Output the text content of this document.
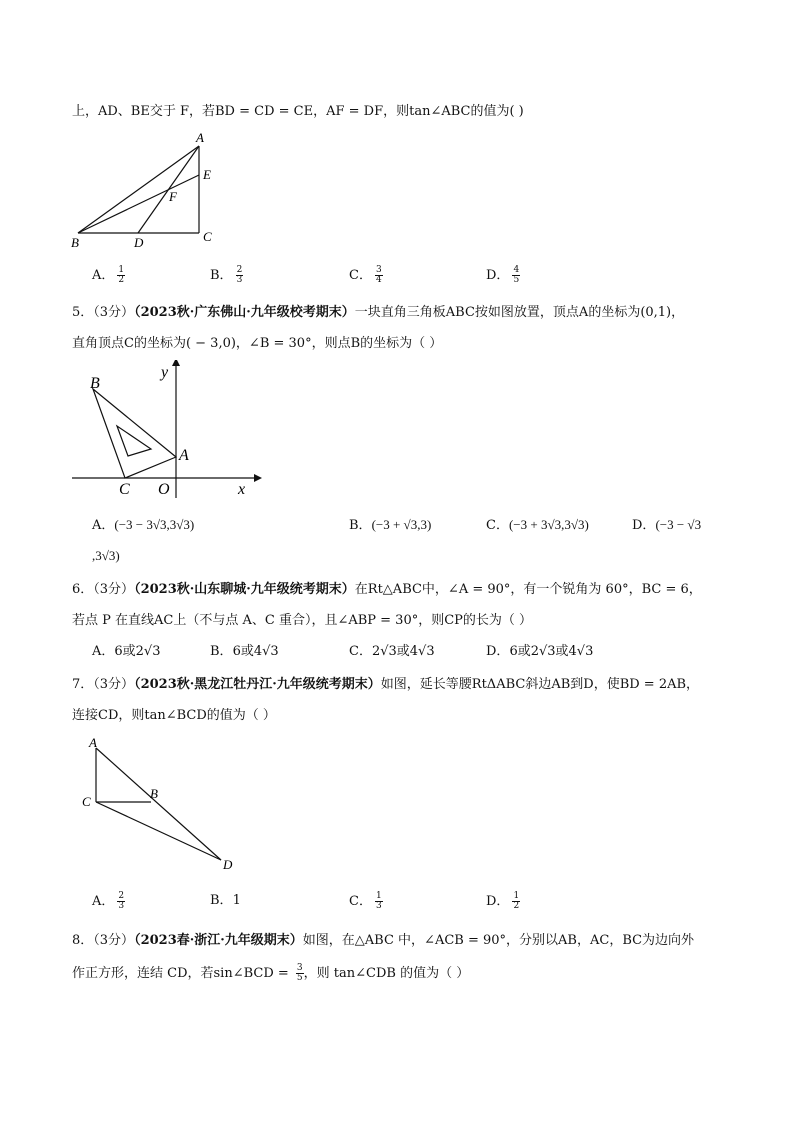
上，AD、BE交于 F，若BD = CD = CE，AF = DF，则tan∠ABC的值为( )
A
B	C
D
E
F
A． $\frac{1}{2}$	B． $\frac{2}{3}$	C． $\frac{3}{4}$	D． $\frac{4}{5}$
5．（3分）（2023秋·广东佛山·九年级校考期末）一块直角三角板ABC按如图放置，顶点A的坐标为(0,1)，
直角顶点C的坐标为( − 3,0)，∠B = 30°，则点B的坐标为（ ）
B
A
C O	x
y
A．(−3 − 3√3,3√3)	B．(−3 + √3,3)	C．(−3 + 3√3,3√3)	D．(−3 − √3
,3√3)
6．（3分）（2023秋·山东聊城·九年级统考期末）在Rt△ABC中，∠A = 90°，有一个锐角为 60°，BC = 6，
若点 P 在直线AC上（不与点 A、C 重合），且∠ABP = 30°，则CP的长为（ ）
A．6或2√3	B．6或4√3	C．2√3或4√3	D．6或2√3或4√3
7．（3分）（2023秋·黑龙江牡丹江·九年级统考期末）如图，延长等腰RtΔABC斜边AB到D，使BD = 2AB，
连接CD，则tan∠BCD的值为（ ）
A
C
B
D
A． $\frac{2}{3}$	B．1	C． $\frac{1}{3}$	D． $\frac{1}{2}$
8．（3分）（2023春·浙江·九年级期末）如图，在△ABC 中，∠ACB = 90°，分别以AB，AC，BC为边向外
作正方形，连结 CD，若sin∠BCD = $\frac{3}{5}$ ，则 tan∠CDB 的值为（ ）
